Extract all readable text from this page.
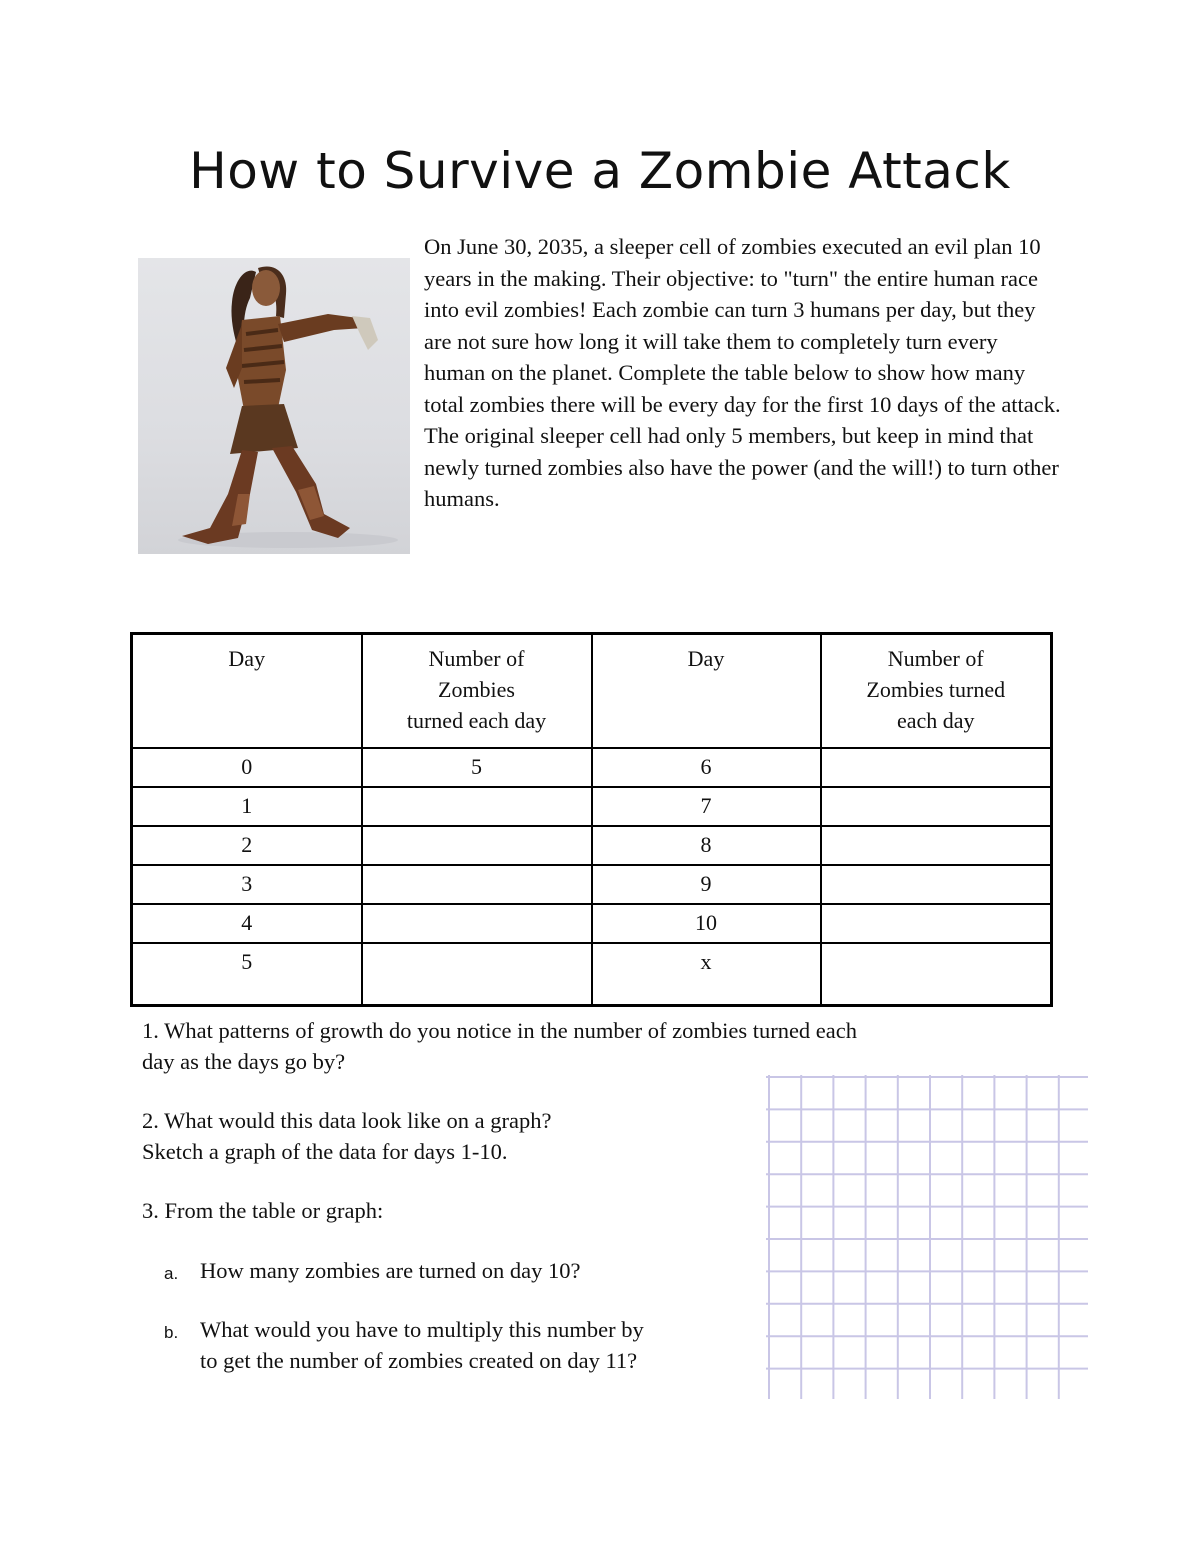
How to Survive a Zombie Attack

On June 30, 2035, a sleeper cell of zombies executed an evil plan 10 years in the making. Their objective: to "turn" the entire human race into evil zombies! Each zombie can turn 3 humans per day, but they are not sure how long it will take them to completely turn every human on the planet. Complete the table below to show how many total zombies there will be every day for the first 10 days of the attack. The original sleeper cell had only 5 members, but keep in mind that newly turned zombies also have the power (and the will!) to turn other humans.

Day	Number of
Zombies
turned each day	Day	Number of
Zombies turned
each day
0	5	6	
1		7	
2		8	
3		9	
4		10	
5		x	

1. What patterns of growth do you notice in the number of zombies turned each
day as the days go by?

2. What would this data look like on a graph?
Sketch a graph of the data for days 1-10.

3. From the table or graph:

a. How many zombies are turned on day 10?
b. What would you have to multiply this number by
to get the number of zombies created on day 11?
